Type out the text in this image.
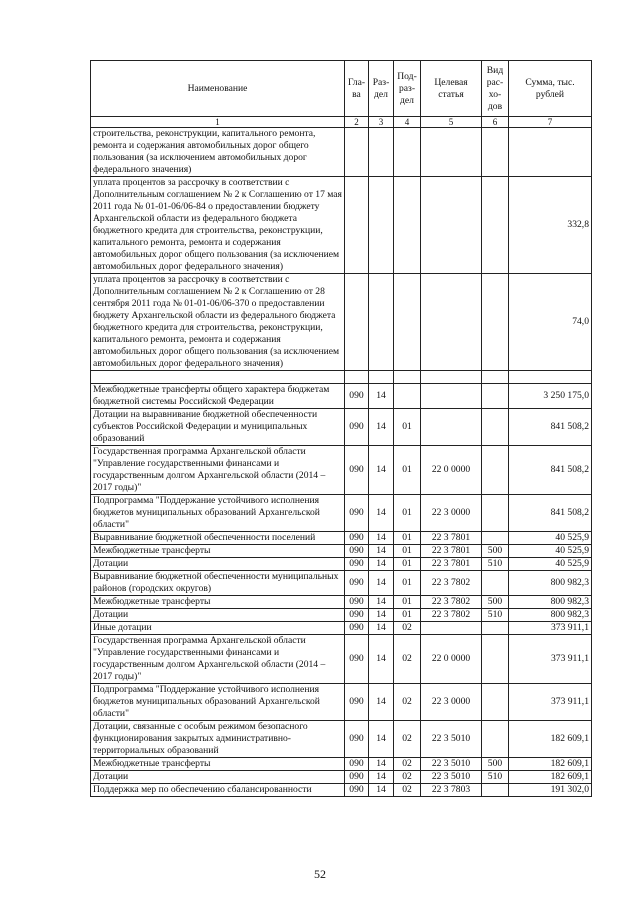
Наименование	Гла-ва	Раз-дел	Под-раз-дел	Целевая статья	Вид рас-хо-дов	Сумма, тыс. рублей
1	2	3	4	5	6	7
строительства, реконструкции, капитального ремонта, ремонта и содержания автомобильных дорог общего пользования (за исключением автомобильных дорог федерального значения)						
уплата процентов за рассрочку в соответствии с Дополнительным соглашением № 2 к Соглашению от 17 мая 2011 года № 01-01-06/06-84 о предоставлении бюджету Архангельской области из федерального бюджета бюджетного кредита для строительства, реконструкции, капитального ремонта, ремонта и содержания автомобильных дорог общего пользования (за исключением автомобильных дорог федерального значения)						332,8
уплата процентов за рассрочку в соответствии с Дополнительным соглашением № 2 к Соглашению от 28 сентября 2011 года № 01-01-06/06-370 о предоставлении бюджету Архангельской области из федерального бюджета бюджетного кредита для строительства, реконструкции, капитального ремонта, ремонта и содержания автомобильных дорог общего пользования (за исключением автомобильных дорог федерального значения)						74,0

Межбюджетные трансферты общего характера бюджетам бюджетной системы Российской Федерации	090	14				3 250 175,0
Дотации на выравнивание бюджетной обеспеченности субъектов Российской Федерации и муниципальных образований	090	14	01			841 508,2
Государственная программа Архангельской области "Управление государственными финансами и государственным долгом Архангельской области (2014 – 2017 годы)"	090	14	01	22 0 0000		841 508,2
Подпрограмма "Поддержание устойчивого исполнения бюджетов муниципальных образований Архангельской области"	090	14	01	22 3 0000		841 508,2
Выравнивание бюджетной обеспеченности поселений	090	14	01	22 3 7801		40 525,9
Межбюджетные трансферты	090	14	01	22 3 7801	500	40 525,9
Дотации	090	14	01	22 3 7801	510	40 525,9
Выравнивание бюджетной обеспеченности муниципальных районов (городских округов)	090	14	01	22 3 7802		800 982,3
Межбюджетные трансферты	090	14	01	22 3 7802	500	800 982,3
Дотации	090	14	01	22 3 7802	510	800 982,3
Иные дотации	090	14	02			373 911,1
Государственная программа Архангельской области "Управление государственными финансами и государственным долгом Архангельской области (2014 – 2017 годы)"	090	14	02	22 0 0000		373 911,1
Подпрограмма "Поддержание устойчивого исполнения бюджетов муниципальных образований Архангельской области"	090	14	02	22 3 0000		373 911,1
Дотации, связанные с особым режимом безопасного функционирования закрытых административно-территориальных образований	090	14	02	22 3 5010		182 609,1
Межбюджетные трансферты	090	14	02	22 3 5010	500	182 609,1
Дотации	090	14	02	22 3 5010	510	182 609,1
Поддержка мер по обеспечению сбалансированности	090	14	02	22 3 7803		191 302,0
52
